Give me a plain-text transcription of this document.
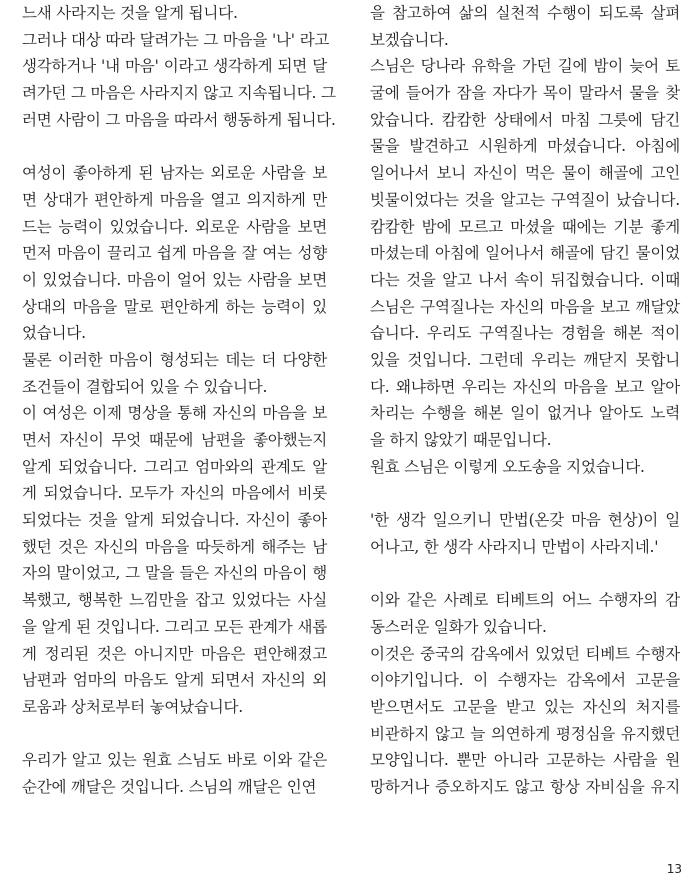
느새 사라지는 것을 알게 됩니다.
그러나 대상 따라 달려가는 그 마음을 '나' 라고
생각하거나 '내 마음' 이라고 생각하게 되면 달
려가던 그 마음은 사라지지 않고 지속됩니다. 그
러면 사람이 그 마음을 따라서 행동하게 됩니다.

여성이 좋아하게 된 남자는 외로운 사람을 보
면 상대가 편안하게 마음을 열고 의지하게 만
드는 능력이 있었습니다. 외로운 사람을 보면
먼저 마음이 끌리고 쉽게 마음을 잘 여는 성향
이 있었습니다. 마음이 얼어 있는 사람을 보면
상대의 마음을 말로 편안하게 하는 능력이 있
었습니다.
물론 이러한 마음이 형성되는 데는 더 다양한
조건들이 결합되어 있을 수 있습니다.
이 여성은 이제 명상을 통해 자신의 마음을 보
면서 자신이 무엇 때문에 남편을 좋아했는지
알게 되었습니다. 그리고 엄마와의 관계도 알
게 되었습니다. 모두가 자신의 마음에서 비롯
되었다는 것을 알게 되었습니다. 자신이 좋아
했던 것은 자신의 마음을 따듯하게 해주는 남
자의 말이었고, 그 말을 들은 자신의 마음이 행
복했고, 행복한 느낌만을 잡고 있었다는 사실
을 알게 된 것입니다. 그리고 모든 관계가 새롭
게 정리된 것은 아니지만 마음은 편안해졌고
남편과 엄마의 마음도 알게 되면서 자신의 외
로움과 상처로부터 놓여났습니다.

우리가 알고 있는 원효 스님도 바로 이와 같은
순간에 깨달은 것입니다. 스님의 깨달은 인연
을 참고하여 삶의 실천적 수행이 되도록 살펴
보겠습니다.
스님은 당나라 유학을 가던 길에 밤이 늦어 토
굴에 들어가 잠을 자다가 목이 말라서 물을 찾
았습니다. 캄캄한 상태에서 마침 그릇에 담긴
물을 발견하고 시원하게 마셨습니다. 아침에
일어나서 보니 자신이 먹은 물이 해골에 고인
빗물이었다는 것을 알고는 구역질이 났습니다.
캄캄한 밤에 모르고 마셨을 때에는 기분 좋게
마셨는데 아침에 일어나서 해골에 담긴 물이었
다는 것을 알고 나서 속이 뒤집혔습니다. 이때
스님은 구역질나는 자신의 마음을 보고 깨달았
습니다. 우리도 구역질나는 경험을 해본 적이
있을 것입니다. 그런데 우리는 깨닫지 못합니
다. 왜냐하면 우리는 자신의 마음을 보고 알아
차리는 수행을 해본 일이 없거나 알아도 노력
을 하지 않았기 때문입니다.
원효 스님은 이렇게 오도송을 지었습니다.

'한 생각 일으키니 만법(온갖 마음 현상)이 일
어나고, 한 생각 사라지니 만법이 사라지네.'

이와 같은 사례로 티베트의 어느 수행자의 감
동스러운 일화가 있습니다.
이것은 중국의 감옥에서 있었던 티베트 수행자
이야기입니다. 이 수행자는 감옥에서 고문을
받으면서도 고문을 받고 있는 자신의 처지를
비관하지 않고 늘 의연하게 평정심을 유지했던
모양입니다. 뿐만 아니라 고문하는 사람을 원
망하거나 증오하지도 않고 항상 자비심을 유지
13
